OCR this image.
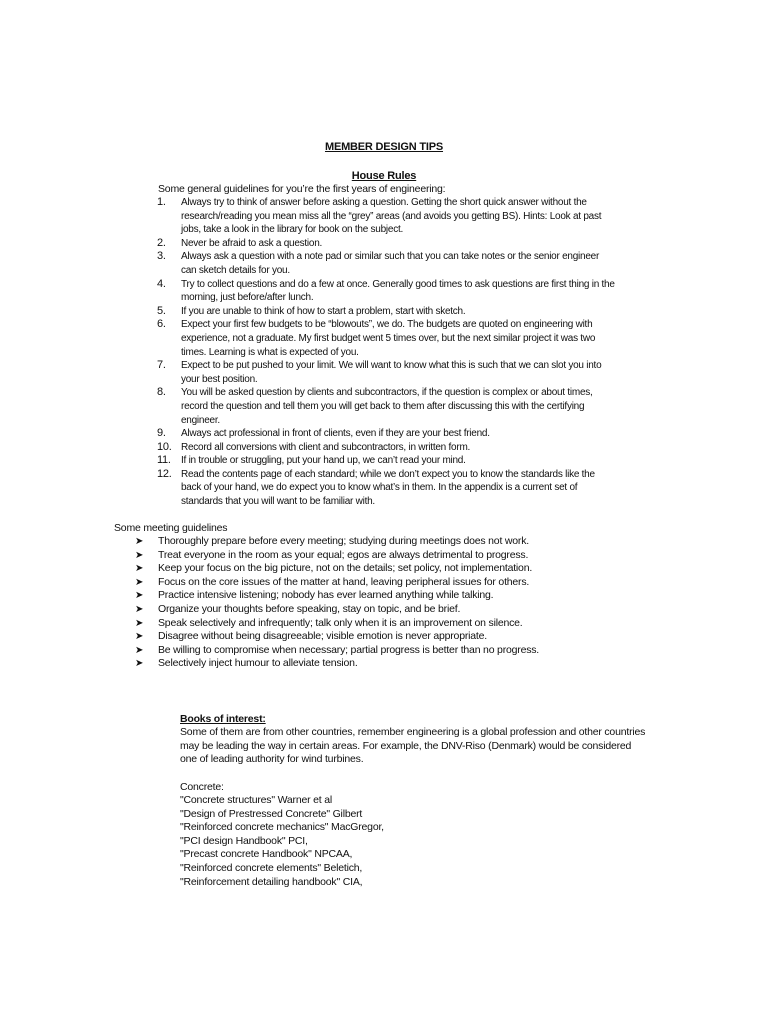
MEMBER DESIGN TIPS
House Rules
Some general guidelines for you’re the first years of engineering:
1. Always try to think of answer before asking a question. Getting the short quick answer without the
research/reading you mean miss all the “grey” areas (and avoids you getting BS). Hints: Look at past
jobs, take a look in the library for book on the subject.
2. Never be afraid to ask a question.
3. Always ask a question with a note pad or similar such that you can take notes or the senior engineer
can sketch details for you.
4. Try to collect questions and do a few at once. Generally good times to ask questions are first thing in the
morning, just before/after lunch.
5. If you are unable to think of how to start a problem, start with sketch.
6. Expect your first few budgets to be “blowouts”, we do. The budgets are quoted on engineering with
experience, not a graduate. My first budget went 5 times over, but the next similar project it was two
times. Learning is what is expected of you.
7. Expect to be put pushed to your limit. We will want to know what this is such that we can slot you into
your best position.
8. You will be asked question by clients and subcontractors, if the question is complex or about times,
record the question and tell them you will get back to them after discussing this with the certifying
engineer.
9. Always act professional in front of clients, even if they are your best friend.
10. Record all conversions with client and subcontractors, in written form.
11. If in trouble or struggling, put your hand up, we can’t read your mind.
12. Read the contents page of each standard; while we don’t expect you to know the standards like the
back of your hand, we do expect you to know what’s in them. In the appendix is a current set of
standards that you will want to be familiar with.
Some meeting guidelines
➤ Thoroughly prepare before every meeting; studying during meetings does not work.
➤ Treat everyone in the room as your equal; egos are always detrimental to progress.
➤ Keep your focus on the big picture, not on the details; set policy, not implementation.
➤ Focus on the core issues of the matter at hand, leaving peripheral issues for others.
➤ Practice intensive listening; nobody has ever learned anything while talking.
➤ Organize your thoughts before speaking, stay on topic, and be brief.
➤ Speak selectively and infrequently; talk only when it is an improvement on silence.
➤ Disagree without being disagreeable; visible emotion is never appropriate.
➤ Be willing to compromise when necessary; partial progress is better than no progress.
➤ Selectively inject humour to alleviate tension.
Books of interest:
Some of them are from other countries, remember engineering is a global profession and other countries may be leading the way in certain areas. For example, the DNV-Riso (Denmark) would be considered one of leading authority for wind turbines.
Concrete:
"Concrete structures" Warner et al
"Design of Prestressed Concrete" Gilbert
"Reinforced concrete mechanics" MacGregor,
"PCI design Handbook" PCI,
"Precast concrete Handbook" NPCAA,
"Reinforced concrete elements" Beletich,
"Reinforcement detailing handbook" CIA,
